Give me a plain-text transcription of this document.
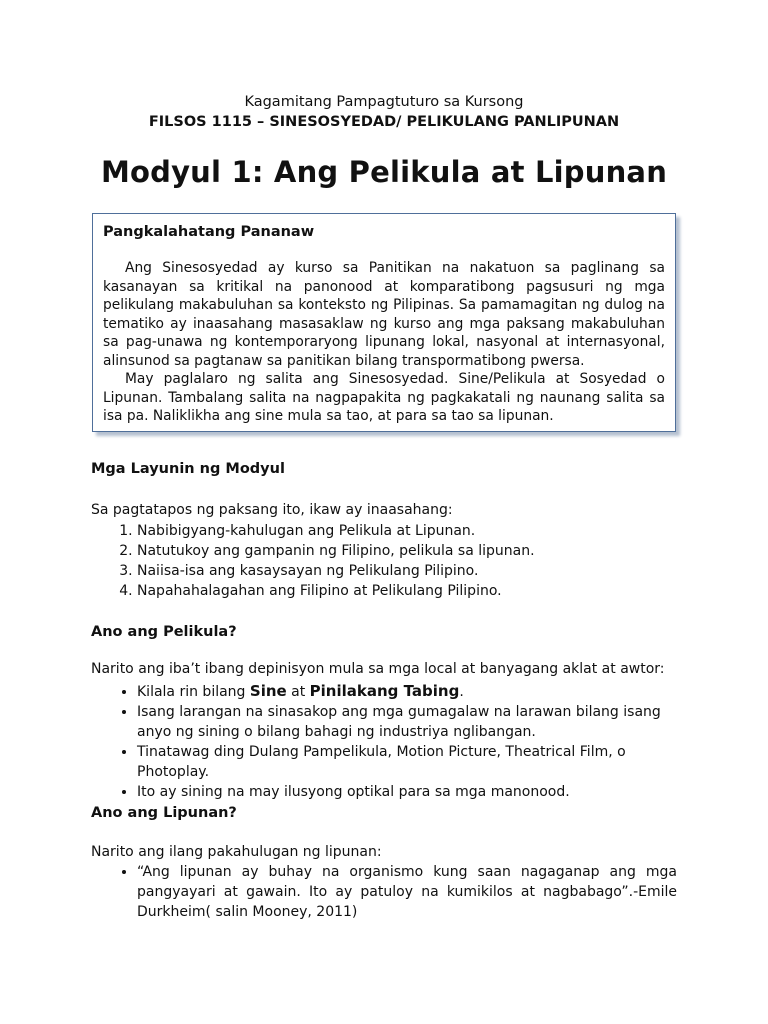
Kagamitang Pampagtuturo sa Kursong
FILSOS 1115 – SINESOSYEDAD/ PELIKULANG PANLIPUNAN
Modyul 1: Ang Pelikula at Lipunan
Pangkalahatang Pananaw

Ang Sinesosyedad ay kurso sa Panitikan na nakatuon sa paglinang sa kasanayan sa kritikal na panonood at komparatibong pagsusuri ng mga pelikulang makabuluhan sa konteksto ng Pilipinas. Sa pamamagitan ng dulog na tematiko ay inaasahang masasaklaw ng kurso ang mga paksang makabuluhan sa pag-unawa ng kontemporaryong lipunang lokal, nasyonal at internasyonal, alinsunod sa pagtanaw sa panitikan bilang transpormatibong pwersa.

May paglalaro ng salita ang Sinesosyedad. Sine/Pelikula at Sosyedad o Lipunan. Tambalang salita na nagpapakita ng pagkakatali ng naunang salita sa isa pa. Naliklikha ang sine mula sa tao, at para sa tao sa lipunan.

Mga Layunin ng Modyul
Sa pagtatapos ng paksang ito, ikaw ay inaasahang:
1. Nabibigyang-kahulugan ang Pelikula at Lipunan.
2. Natutukoy ang gampanin ng Filipino, pelikula sa lipunan.
3. Naiisa-isa ang kasaysayan ng Pelikulang Pilipino.
4. Napahahalagahan ang Filipino at Pelikulang Pilipino.
Ano ang Pelikula?
Narito ang iba’t ibang depinisyon mula sa mga local at banyagang aklat at awtor:
• Kilala rin bilang Sine at Pinilakang Tabing.
• Isang larangan na sinasakop ang mga gumagalaw na larawan bilang isang anyo ng sining o bilang bahagi ng industriya nglibangan.
• Tinatawag ding Dulang Pampelikula, Motion Picture, Theatrical Film, o Photoplay.
• Ito ay sining na may ilusyong optikal para sa mga manonood.
Ano ang Lipunan?
Narito ang ilang pakahulugan ng lipunan:
• “Ang lipunan ay buhay na organismo kung saan nagaganap ang mga pangyayari at gawain. Ito ay patuloy na kumikilos at nagbabago”.-Emile Durkheim( salin Mooney, 2011)
